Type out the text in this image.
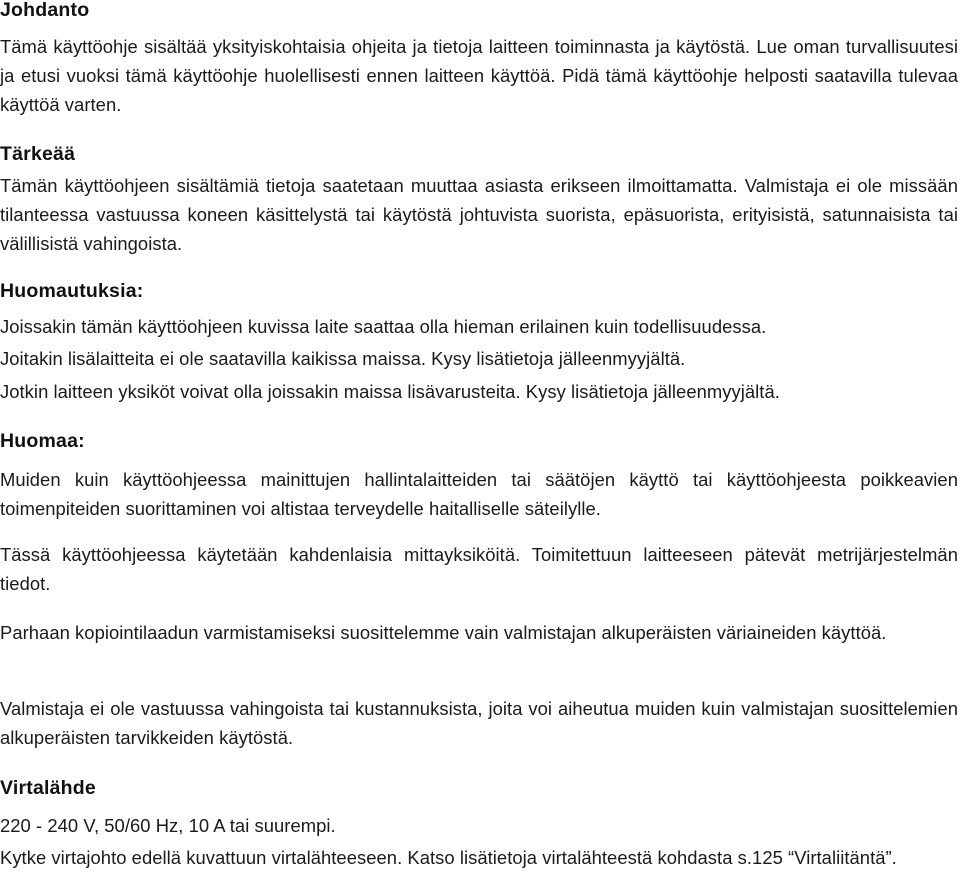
Johdanto

Tämä käyttöohje sisältää yksityiskohtaisia ohjeita ja tietoja laitteen toiminnasta ja käytöstä. Lue oman turvallisuutesi ja etusi vuoksi tämä käyttöohje huolellisesti ennen laitteen käyttöä. Pidä tämä käyttöohje helposti saatavilla tulevaa käyttöä varten.

Tärkeää

Tämän käyttöohjeen sisältämiä tietoja saatetaan muuttaa asiasta erikseen ilmoittamatta. Valmistaja ei ole missään tilanteessa vastuussa koneen käsittelystä tai käytöstä johtuvista suorista, epäsuorista, erityisistä, satunnaisista tai välillisistä vahingoista.

Huomautuksia:

Joissakin tämän käyttöohjeen kuvissa laite saattaa olla hieman erilainen kuin todellisuudessa.

Joitakin lisälaitteita ei ole saatavilla kaikissa maissa. Kysy lisätietoja jälleenmyyjältä.

Jotkin laitteen yksiköt voivat olla joissakin maissa lisävarusteita. Kysy lisätietoja jälleenmyyjältä.

Huomaa:

Muiden kuin käyttöohjeessa mainittujen hallintalaitteiden tai säätöjen käyttö tai käyttöohjeesta poikkeavien toimenpiteiden suorittaminen voi altistaa terveydelle haitalliselle säteilylle.

Tässä käyttöohjeessa käytetään kahdenlaisia mittayksiköitä. Toimitettuun laitteeseen pätevät metrijärjestelmän tiedot.

Parhaan kopiointilaadun varmistamiseksi suosittelemme vain valmistajan alkuperäisten väriaineiden käyttöä.

Valmistaja ei ole vastuussa vahingoista tai kustannuksista, joita voi aiheutua muiden kuin valmistajan suosittelemien alkuperäisten tarvikkeiden käytöstä.

Virtalähde

220 - 240 V, 50/60 Hz, 10 A tai suurempi.

Kytke virtajohto edellä kuvattuun virtalähteeseen. Katso lisätietoja virtalähteestä kohdasta s.125 “Virtaliitäntä”.
